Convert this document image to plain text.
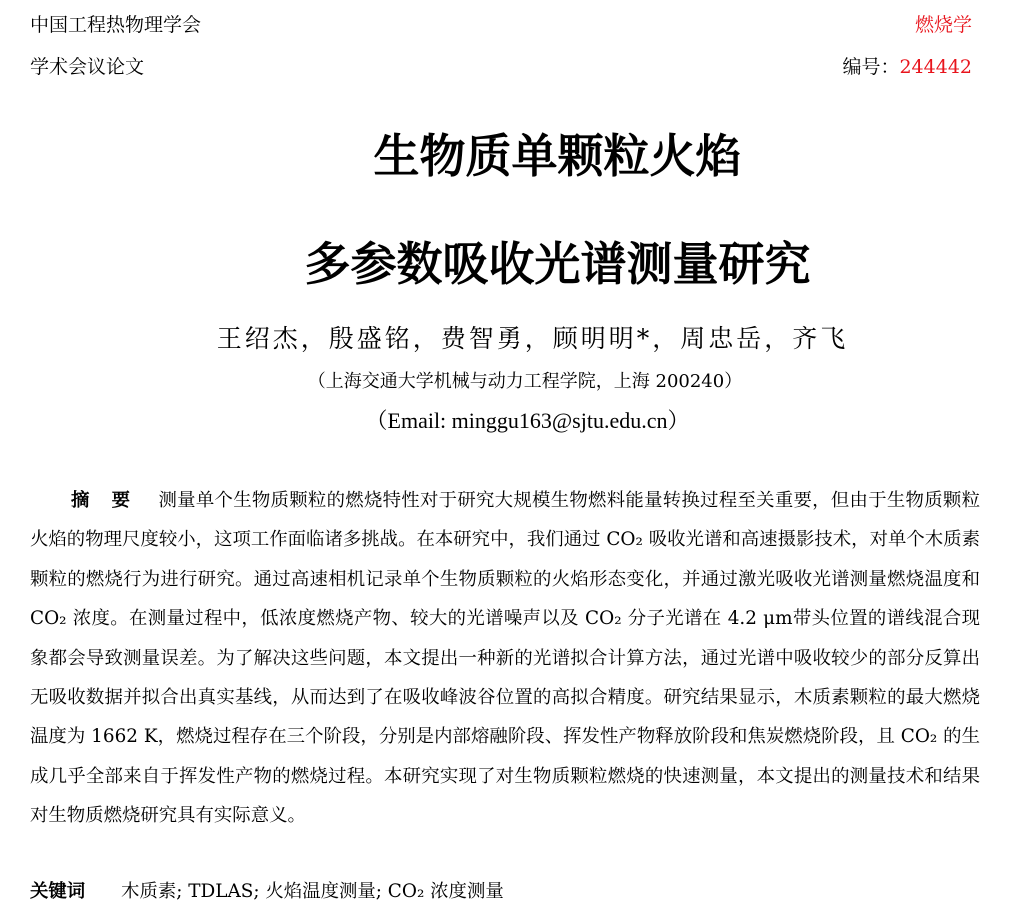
中国工程热物理学会
学术会议论文
燃烧学
编号：244442
生物质单颗粒火焰
多参数吸收光谱测量研究
王绍杰，殷盛铭，费智勇，顾明明*，周忠岳，齐飞
（上海交通大学机械与动力工程学院，上海 200240）
（Email: minggu163@sjtu.edu.cn）
摘要 测量单个生物质颗粒的燃烧特性对于研究大规模生物燃料能量转换过程至关重要，但由于生物质颗粒火焰的物理尺度较小，这项工作面临诸多挑战。在本研究中，我们通过 CO₂ 吸收光谱和高速摄影技术，对单个木质素颗粒的燃烧行为进行研究。通过高速相机记录单个生物质颗粒的火焰形态变化，并通过激光吸收光谱测量燃烧温度和 CO₂ 浓度。在测量过程中，低浓度燃烧产物、较大的光谱噪声以及 CO₂ 分子光谱在 4.2 μm带头位置的谱线混合现象都会导致测量误差。为了解决这些问题，本文提出一种新的光谱拟合计算方法，通过光谱中吸收较少的部分反算出无吸收数据并拟合出真实基线，从而达到了在吸收峰波谷位置的高拟合精度。研究结果显示，木质素颗粒的最大燃烧温度为 1662 K，燃烧过程存在三个阶段，分别是内部熔融阶段、挥发性产物释放阶段和焦炭燃烧阶段，且 CO₂ 的生成几乎全部来自于挥发性产物的燃烧过程。本研究实现了对生物质颗粒燃烧的快速测量，本文提出的测量技术和结果对生物质燃烧研究具有实际意义。
关键词 木质素; TDLAS; 火焰温度测量; CO₂ 浓度测量
